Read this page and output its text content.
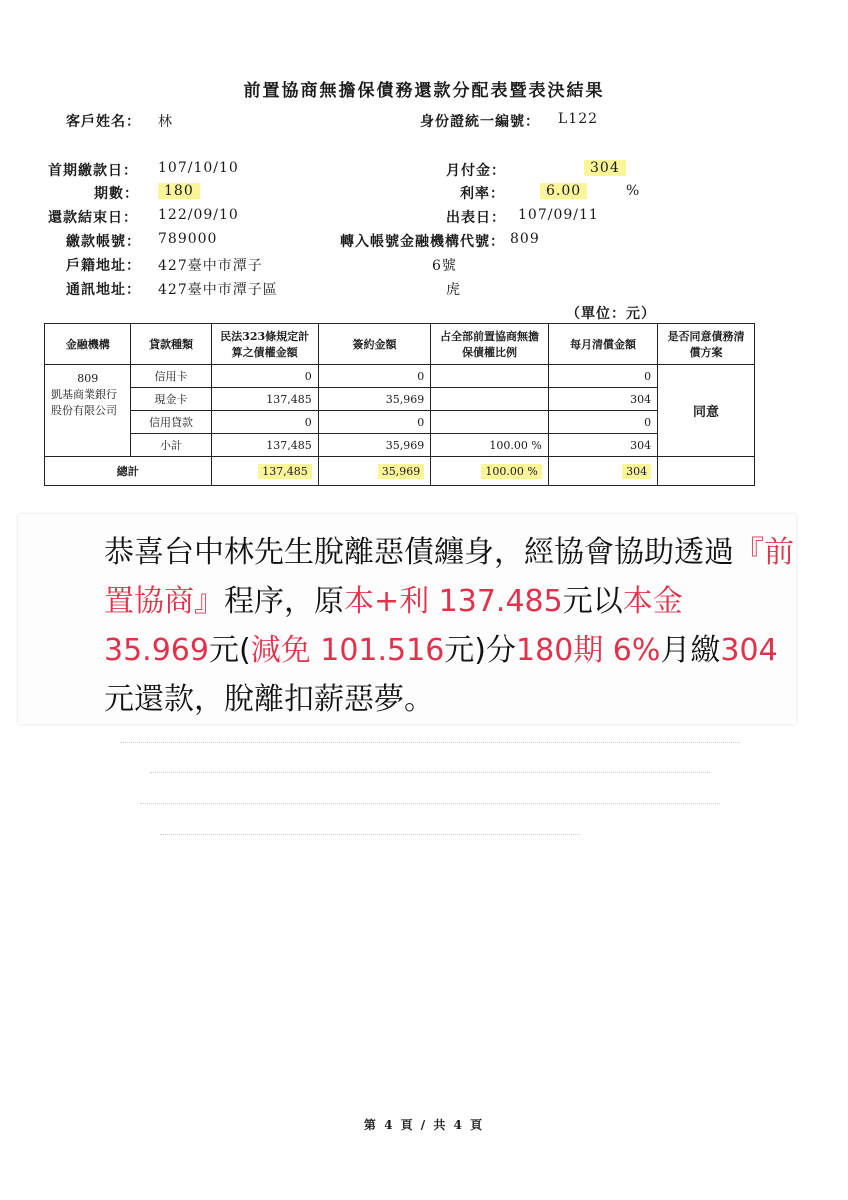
前置協商無擔保債務還款分配表暨表決結果
客戶姓名： 林	身份證統一編號： L122
首期繳款日： 107/10/10
期數：	180
還款結束日： 122/09/10
繳款帳號： 789000
戶籍地址： 427臺中市潭子
通訊地址： 427臺中市潭子區
月付金：	304
利率：	6.00	%
出表日： 107/09/11
轉入帳號金融機構代號： 809
6號
虎
（單位：元）
金融機構	貸款種類	民法323條規定計算之債權金額	簽約金額	占全部前置協商無擔保債權比例	每月清償金額	是否同意債務清償方案

809
凱基商業銀行股份有限公司	信用卡	0	0		0	同意
	現金卡	137,485	35,969		304	
	信用貸款	0	0		0	
	小計	137,485	35,969	100.00 %	304	
總計		137,485	35,969	100.00 %	304	
恭喜台中林先生脫離惡債纏身，經協會協助透過『前置協商』程序，原本+利 137.485元以本金 35.969元(減免 101.516元)分180期 6%月繳304元還款，脫離扣薪惡夢。
第 4 頁 / 共 4 頁
